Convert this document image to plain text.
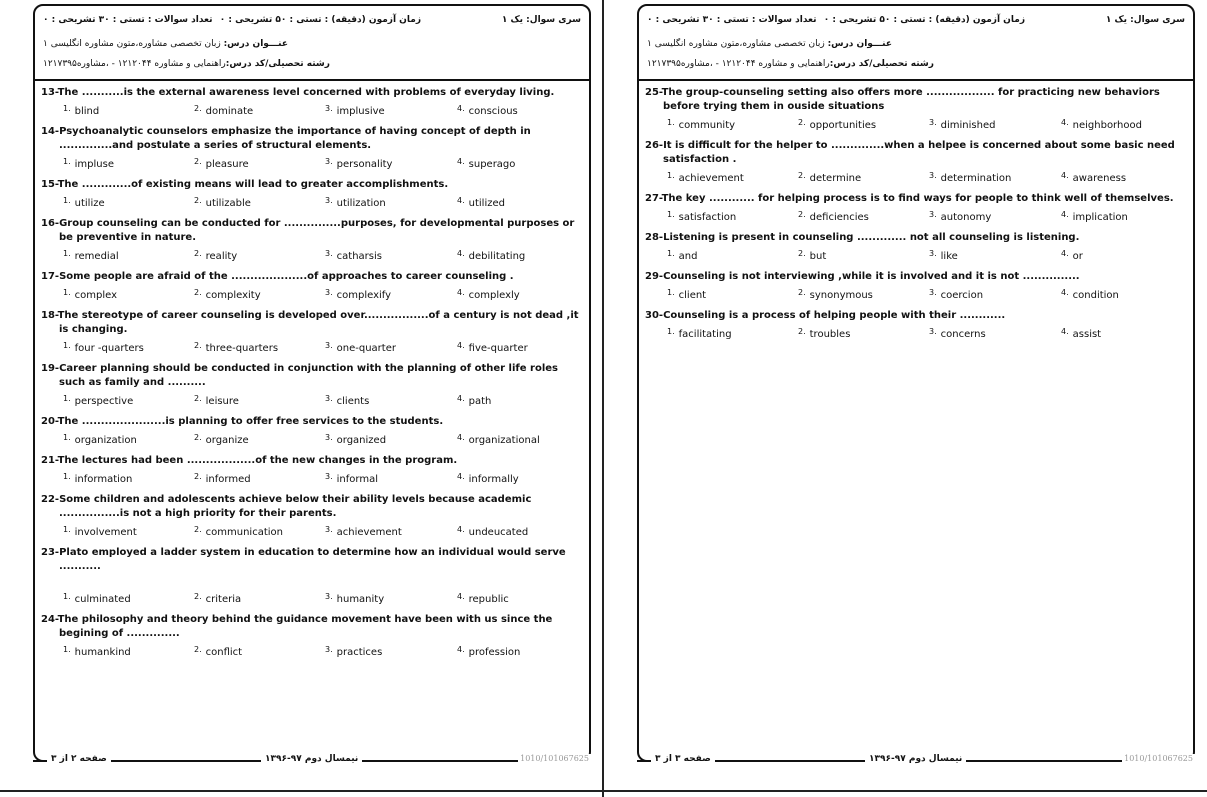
سری سوال: یک ۱
زمان آزمون (دقیقه) : تستی : ۵۰ تشریحی : ۰
تعداد سوالات : تستی : ۳۰ تشریحی : ۰
عنـــوان درس: زبان تخصصی مشاوره،متون مشاوره انگلیسی ۱
رشته تحصیلی/کد درس:راهنمایی و مشاوره ۱۲۱۲۰۴۴ - ،مشاوره۱۲۱۷۳۹۵
13-The ...........is the external awareness level concerned with problems of everyday living.
$^{1.}$ blind	$^{2.}$ dominate	$^{3.}$ implusive	$^{4.}$ conscious
14-Psychoanalytic counselors emphasize the importance of having concept of depth in ..............and postulate a series of structural elements.
$^{1.}$ impluse	$^{2.}$ pleasure	$^{3.}$ personality	$^{4.}$ superago
15-The .............of existing means will lead to greater accomplishments.
$^{1.}$ utilize	$^{2.}$ utilizable	$^{3.}$ utilization	$^{4.}$ utilized
16-Group counseling can be conducted for ...............purposes, for developmental purposes or be preventive in nature.
$^{1.}$ remedial	$^{2.}$ reality	$^{3.}$ catharsis	$^{4.}$ debilitating
17-Some people are afraid of the ....................of approaches to career counseling .
$^{1.}$ complex	$^{2.}$ complexity	$^{3.}$ complexify	$^{4.}$ complexly
18-The stereotype of career counseling is developed over.................of a century is not dead ,it is changing.
$^{1.}$ four -quarters	$^{2.}$ three-quarters	$^{3.}$ one-quarter	$^{4.}$ five-quarter
19-Career planning should be conducted in conjunction with the planning of other life roles such as family and ..........
$^{1.}$ perspective	$^{2.}$ leisure	$^{3.}$ clients	$^{4.}$ path
20-The ......................is planning to offer free services to the students.
$^{1.}$ organization	$^{2.}$ organize	$^{3.}$ organized	$^{4.}$ organizational
21-The lectures had been ..................of the new changes in the program.
$^{1.}$ information	$^{2.}$ informed	$^{3.}$ informal	$^{4.}$ informally
22-Some children and adolescents achieve below their ability levels because academic ................is not a high priority for their parents.
$^{1.}$ involvement	$^{2.}$ communication	$^{3.}$ achievement	$^{4.}$ undeucated
23-Plato employed a ladder system in education to determine how an individual would serve ...........
$^{1.}$ culminated	$^{2.}$ criteria	$^{3.}$ humanity	$^{4.}$ republic
24-The philosophy and theory behind the guidance movement have been with us since the begining of ..............
$^{1.}$ humankind	$^{2.}$ conflict	$^{3.}$ practices	$^{4.}$ profession
صفحه ۲ از ۳	نیمسال دوم ۹۷-۱۳۹۶	1010/101067625
سری سوال: یک ۱
زمان آزمون (دقیقه) : تستی : ۵۰ تشریحی : ۰
تعداد سوالات : تستی : ۳۰ تشریحی : ۰
عنـــوان درس: زبان تخصصی مشاوره،متون مشاوره انگلیسی ۱
رشته تحصیلی/کد درس:راهنمایی و مشاوره ۱۲۱۲۰۴۴ - ،مشاوره۱۲۱۷۳۹۵
25-The group-counseling setting also offers more .................. for practicing new behaviors before trying them in ouside situations
$^{1.}$ community	$^{2.}$ opportunities	$^{3.}$ diminished	$^{4.}$ neighborhood
26-It is difficult for the helper to ..............when a helpee is concerned about some basic need satisfaction .
$^{1.}$ achievement	$^{2.}$ determine	$^{3.}$ determination	$^{4.}$ awareness
27-The key ............ for helping process is to find ways for people to think well of themselves.
$^{1.}$ satisfaction	$^{2.}$ deficiencies	$^{3.}$ autonomy	$^{4.}$ implication
28-Listening is present in counseling ............. not all counseling is listening.
$^{1.}$ and	$^{2.}$ but	$^{3.}$ like	$^{4.}$ or
29-Counseling is not interviewing ,while it is involved and it is not ...............
$^{1.}$ client	$^{2.}$ synonymous	$^{3.}$ coercion	$^{4.}$ condition
30-Counseling is a process of helping people with their ............
$^{1.}$ facilitating	$^{2.}$ troubles	$^{3.}$ concerns	$^{4.}$ assist
صفحه ۳ از ۳	نیمسال دوم ۹۷-۱۳۹۶	1010/101067625
